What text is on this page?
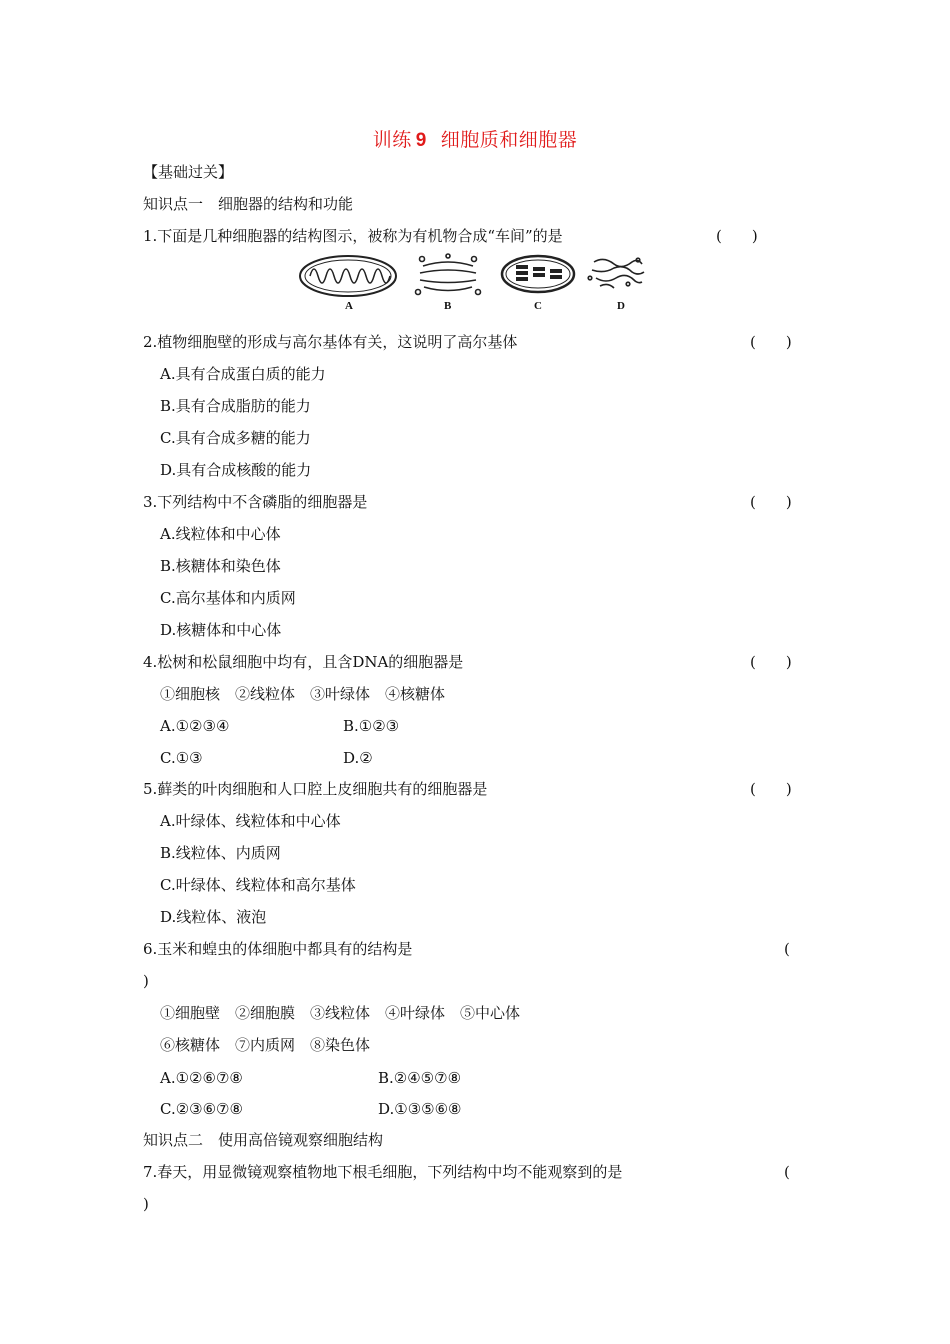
训练 9 细胞质和细胞器
【基础过关】
知识点一　细胞器的结构和功能
1.下面是几种细胞器的结构图示，被称为有机物合成“车间”的是	(　　)
A	B	C	D
2.植物细胞壁的形成与高尔基体有关，这说明了高尔基体	(　　)
A.具有合成蛋白质的能力
B.具有合成脂肪的能力
C.具有合成多糖的能力
D.具有合成核酸的能力
3.下列结构中不含磷脂的细胞器是	(　　)
A.线粒体和中心体
B.核糖体和染色体
C.高尔基体和内质网
D.核糖体和中心体
4.松树和松鼠细胞中均有，且含DNA的细胞器是	(　　)
①细胞核　②线粒体　③叶绿体　④核糖体
A.①②③④	B.①②③
C.①③	D.②
5.藓类的叶肉细胞和人口腔上皮细胞共有的细胞器是	(　　)
A.叶绿体、线粒体和中心体
B.线粒体、内质网
C.叶绿体、线粒体和高尔基体
D.线粒体、液泡
6.玉米和蝗虫的体细胞中都具有的结构是	(
)
①细胞壁　②细胞膜　③线粒体　④叶绿体　⑤中心体
⑥核糖体　⑦内质网　⑧染色体
A.①②⑥⑦⑧	B.②④⑤⑦⑧
C.②③⑥⑦⑧	D.①③⑤⑥⑧
知识点二　使用高倍镜观察细胞结构
7.春天，用显微镜观察植物地下根毛细胞，下列结构中均不能观察到的是	(
)
